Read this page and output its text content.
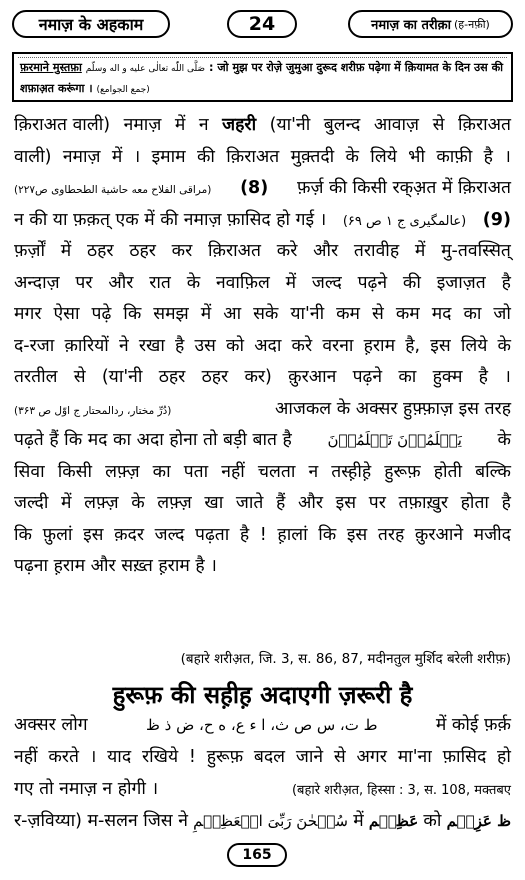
नमाज़ के अहकाम	24	नमाज़ का तरीक़ा (ह-नफ़ी)

फ़रमाने मुस्तफ़ा صَلَّى اللّٰه تعالٰی علیه و اله وسلّم : जो मुझ पर रोज़े जुमुआ दुरूद शरीफ़ पढ़ेगा में क़ियामत के दिन उस की

शफ़ाअ़त करूंगा । (جمع الجوامع)

क़िराअत वाली) नमाज़ में न जहरी (या'नी बुलन्द आवाज़ से क़िराअत
वाली) नमाज़ में । इमाम की क़िराअत मुक़्तदी के लिये भी काफ़ी है ।
(مراقی الفلاح معه حاشية الطحطاوى ص۲۲۷) (8) फ़र्ज़ की किसी रक्अ़त में क़िराअत
न की या फ़क़त् एक में की नमाज़ फ़ासिद हो गई । (عالمگیری ج ۱ ص ۶۹) (9)
फ़र्ज़ों में ठहर ठहर कर क़िराअत करे और तरावीह में मु-तवस्सित्
अन्दाज़ पर और रात के नवाफ़िल में जल्द पढ़ने की इजाज़त है
मगर ऐसा पढ़े कि समझ में आ सके या'नी कम से कम मद का जो
द-रजा क़ारियों ने रखा है उस को अदा करे वरना ह़राम है, इस लिये के
तरतील से (या'नी ठहर ठहर कर) क़ुरआन पढ़ने का हुक्म है ।
(دُرِّ مختار، ردالمحتار ج اوّل ص ۳۶۳)	आजकल के अक्सर हुफ़्फ़ाज़ इस तरह
पढ़ते हैं कि मद का अदा होना तो बड़ी बात है يَعۡلَمُوۡنَ تَعۡلَمُوۡنَ के
सिवा किसी लफ़्ज़ का पता नहीं चलता न तस्ह़ीह़े हुरूफ़ होती बल्कि
जल्दी में लफ़्ज़ के लफ़्ज़ खा जाते हैं और इस पर तफ़ाख़ुर होता है
कि फ़ुलां इस क़दर जल्द पढ़ता है ! ह़ालां कि इस तरह क़ुरआने मजीद
पढ़ना ह़राम और सख़्त ह़राम है ।
(बहारे शरीअ़त, जि. 3, स. 86, 87, मदीनतुल मुर्शिद बरेली शरीफ़)
हुरूफ़ की सह़ीह़ अदाएगी ज़रूरी है
अक्सर लोग	ط ت، س ص ث، ا ء ع، ه ح، ض ذ ظ	में कोई फ़र्क़
नहीं करते । याद रखिये ! हुरूफ़ बदल जाने से अगर मा'ना फ़ासिद हो
गए तो नमाज़ न होगी ।	(बहारे शरीअ़त, हिस्सा : 3, स. 108, मक्तबए
र-ज़विय्या) म-सलन जिस ने سُبۡحٰنَ رَبِّیَ الۡعَظِیۡمِ में عَظِیۡم को عَزِیۡم ظ
165
